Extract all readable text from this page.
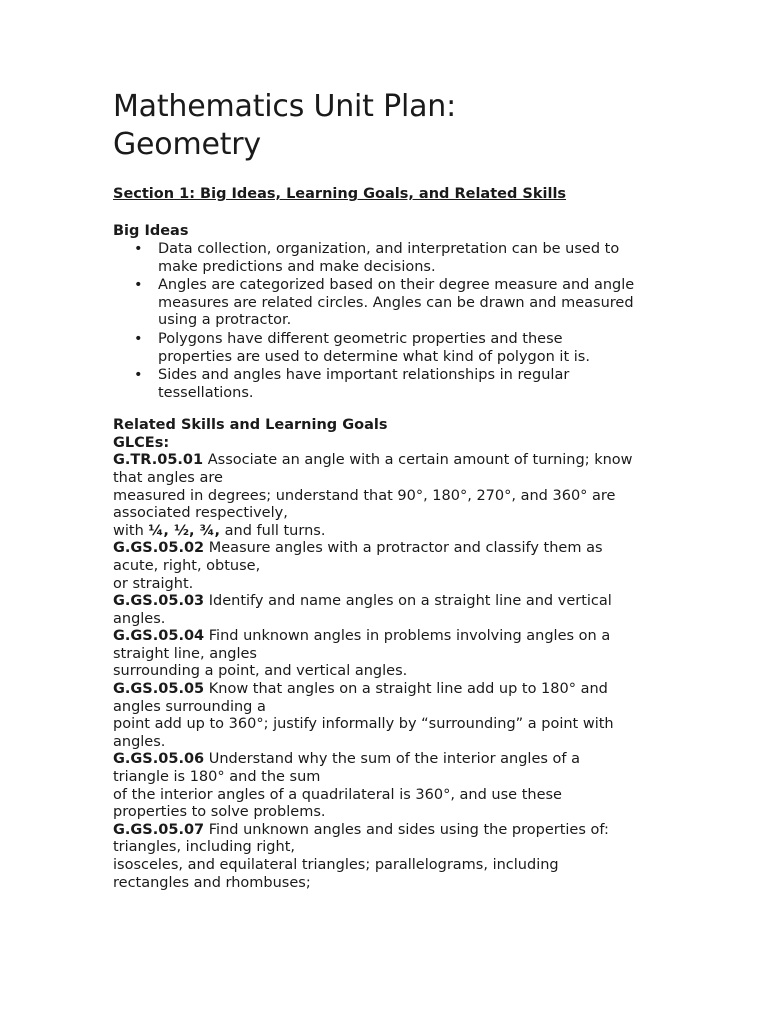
Mathematics Unit Plan:
Geometry

Section 1: Big Ideas, Learning Goals, and Related Skills

Big Ideas

• Data collection, organization, and interpretation can be used to
make predictions and make decisions.
• Angles are categorized based on their degree measure and angle
measures are related circles. Angles can be drawn and measured
using a protractor.
• Polygons have different geometric properties and these
properties are used to determine what kind of polygon it is.
• Sides and angles have important relationships in regular
tessellations.

Related Skills and Learning Goals

GLCEs:

G.TR.05.01 Associate an angle with a certain amount of turning; know
that angles are
measured in degrees; understand that 90°, 180°, 270°, and 360° are
associated respectively,
with ¼, ½, ¾, and full turns.

G.GS.05.02 Measure angles with a protractor and classify them as
acute, right, obtuse,
or straight.

G.GS.05.03 Identify and name angles on a straight line and vertical
angles.

G.GS.05.04 Find unknown angles in problems involving angles on a
straight line, angles
surrounding a point, and vertical angles.

G.GS.05.05 Know that angles on a straight line add up to 180° and
angles surrounding a
point add up to 360°; justify informally by “surrounding” a point with
angles.

G.GS.05.06 Understand why the sum of the interior angles of a
triangle is 180° and the sum
of the interior angles of a quadrilateral is 360°, and use these
properties to solve problems.

G.GS.05.07 Find unknown angles and sides using the properties of:
triangles, including right,
isosceles, and equilateral triangles; parallelograms, including
rectangles and rhombuses;
